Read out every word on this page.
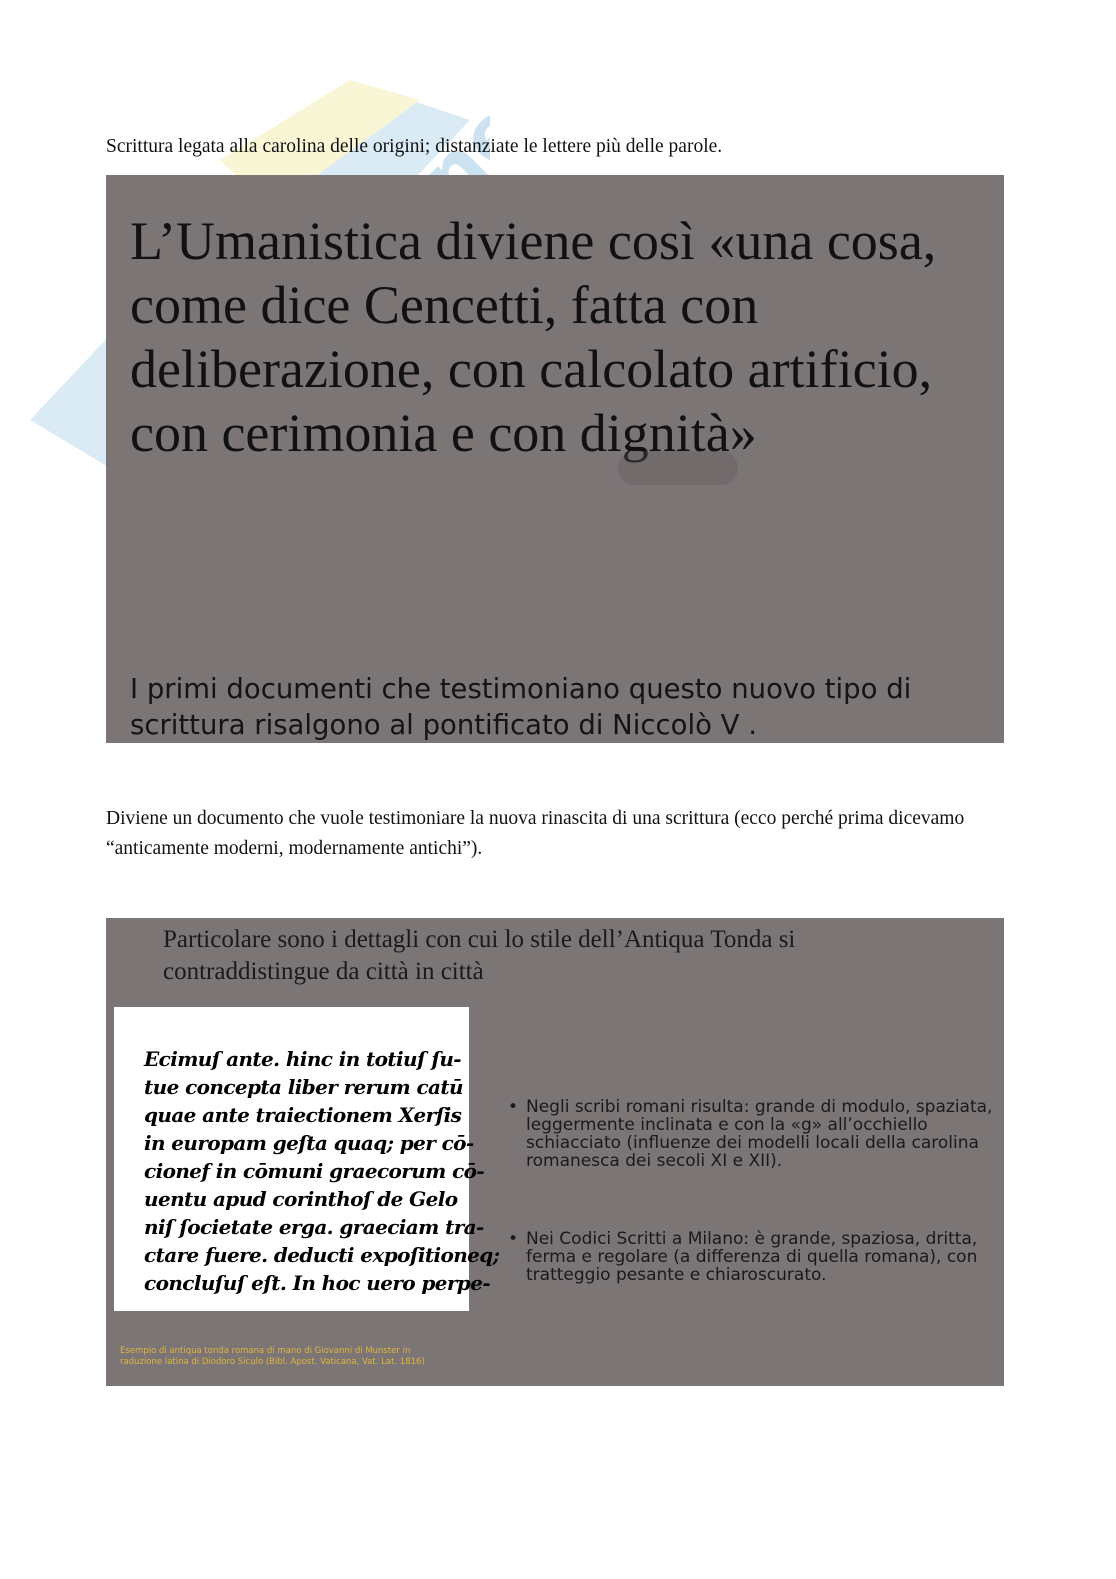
Scrittura legata alla carolina delle origini; distanziate le lettere più delle parole.
L’Umanistica diviene così «una cosa, come dice Cencetti, fatta con deliberazione, con calcolato artificio, con cerimonia e con dignità»
I primi documenti che testimoniano questo nuovo tipo di scrittura risalgono al pontificato di Niccolò V .
Diviene un documento che vuole testimoniare la nuova rinascita di una scrittura (ecco perché prima dicevamo “anticamente moderni, modernamente antichi”).
Particolare sono i dettagli con cui lo stile dell’Antiqua Tonda si contraddistingue da città in città
Ecimuſ ante. hinc in totiuſ ſu-
tue concepta liber rerum catū
quae ante traiectionem Xerſis
in europam geſta quaq; per cō-
cionef in cōmuni graecorum cō-
uentu apud corinthoſ de Gelo
niſ ſocietate erga. graeciam tra-
ctare fuere. deducti expoſitioneq;
concluſuſ eſt. In hoc uero perpe-
• Negli scribi romani risulta: grande di modulo, spaziata, leggermente inclinata e con la «g» all’occhiello schiacciato (influenze dei modelli locali della carolina romanesca dei secoli XI e XII).
• Nei Codici Scritti a Milano: è grande, spaziosa, dritta, ferma e regolare (a differenza di quella romana), con tratteggio pesante e chiaroscurato.
Esempio di antiqua tonda romana di mano di Giovanni di Munster in raduzione latina di Diodoro Siculo (Bibl. Apost. Vaticana, Vat. Lat. 1816)
